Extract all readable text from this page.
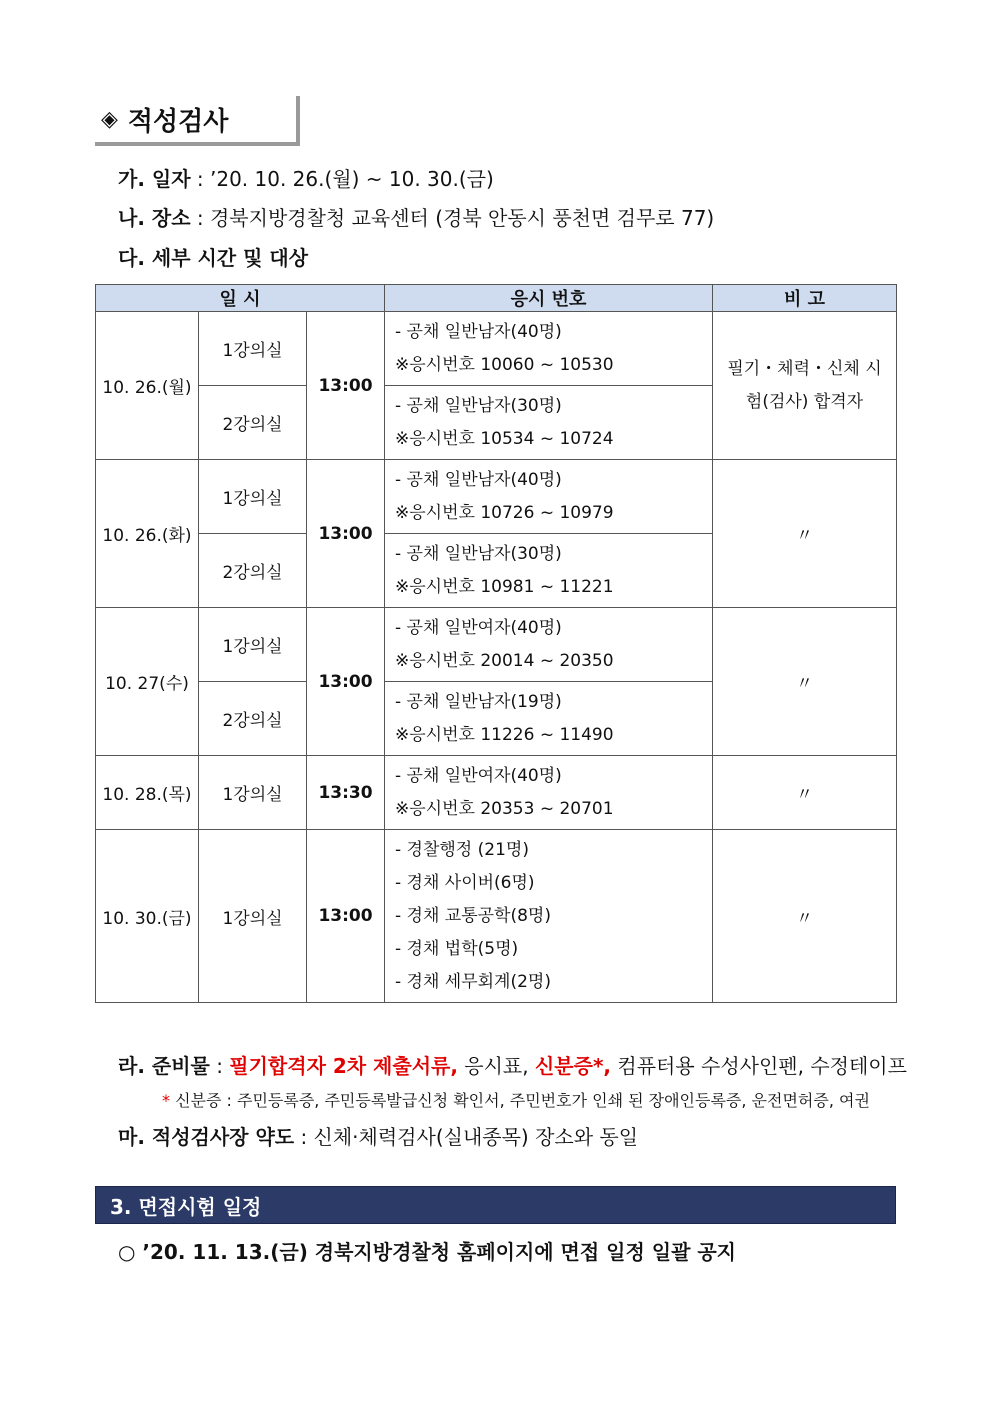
◈ 적성검사
가. 일자 : ’20. 10. 26.(월) ~ 10. 30.(금)
나. 장소 : 경북지방경찰청 교육센터 (경북 안동시 풍천면 검무로 77)
다. 세부 시간 및 대상
일 시			응시 번호	비 고
10. 26.(월)	1강의실	13:00	- 공채 일반남자(40명)
※응시번호 10060 ~ 10530	필기・체력・신체 시험(검사) 합격자
	2강의실		- 공채 일반남자(30명)
※응시번호 10534 ~ 10724	

10. 26.(화)	1강의실	13:00	- 공채 일반남자(40명)
※응시번호 10726 ~ 10979	〃
	2강의실		- 공채 일반남자(30명)
※응시번호 10981 ~ 11221	

10. 27(수)	1강의실	13:00	- 공채 일반여자(40명)
※응시번호 20014 ~ 20350	〃
	2강의실		- 공채 일반남자(19명)
※응시번호 11226 ~ 11490	

10. 28.(목)	1강의실	13:30	- 공채 일반여자(40명)
※응시번호 20353 ~ 20701	〃
10. 30.(금)	1강의실	13:00	- 경찰행정 (21명)
- 경채 사이버(6명)
- 경채 교통공학(8명)
- 경채 법학(5명)
- 경채 세무회계(2명)	〃
라. 준비물 : 필기합격자 2차 제출서류, 응시표, 신분증*, 컴퓨터용 수성사인펜, 수정테이프
* 신분증 : 주민등록증, 주민등록발급신청 확인서, 주민번호가 인쇄 된 장애인등록증, 운전면허증, 여권
마. 적성검사장 약도 : 신체·체력검사(실내종목) 장소와 동일
3. 면접시험 일정
○ ’20. 11. 13.(금) 경북지방경찰청 홈페이지에 면접 일정 일괄 공지
